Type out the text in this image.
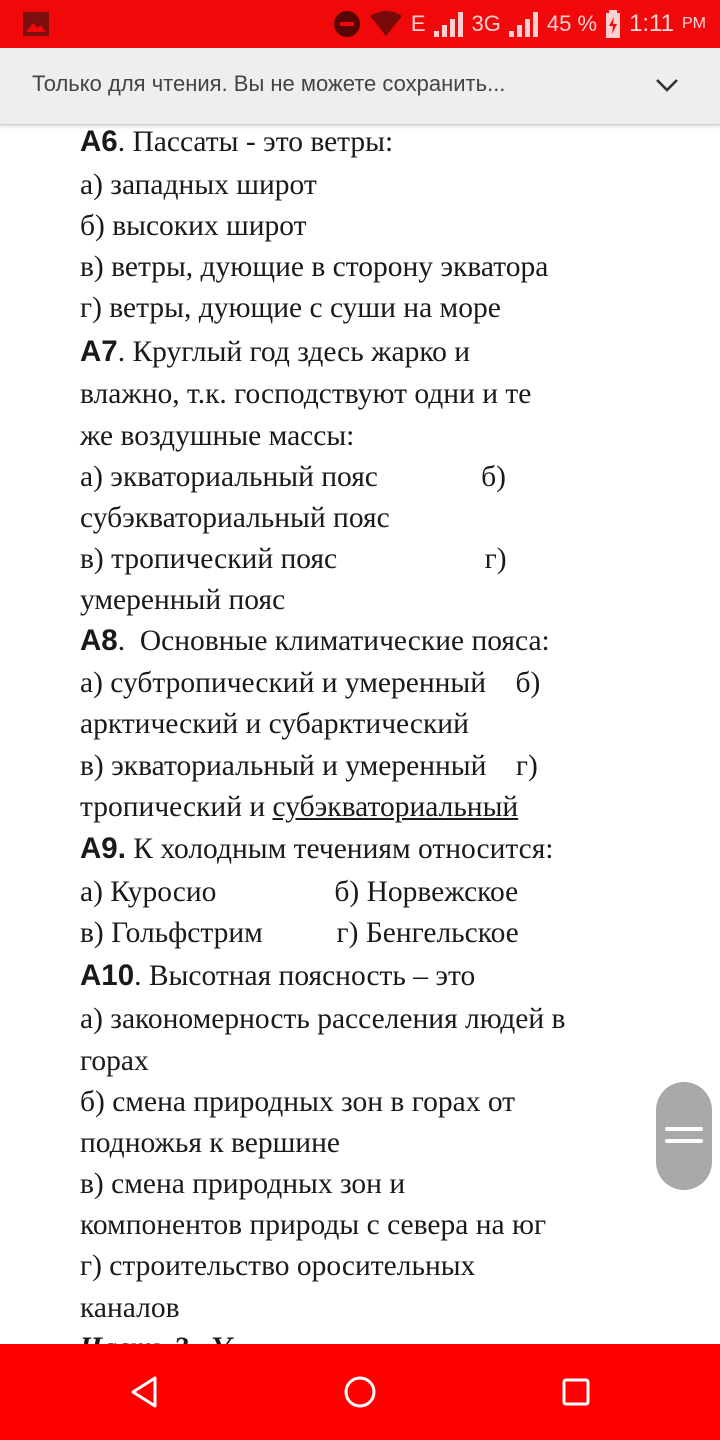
E 3G 45 % 1:11 PM
Только для чтения. Вы не можете сохранить...
А6. Пассаты - это ветры:
а) западных широт
б) высоких широт
в) ветры, дующие в сторону экватора
г) ветры, дующие с суши на море
А7. Круглый год здесь жарко и
влажно, т.к. господствуют одни и те
же воздушные массы:
а) экваториальный пояс              б)
субэкваториальный пояс
в) тропический пояс                    г)
умеренный пояс
А8.  Основные климатические пояса:
а) субтропический и умеренный    б)
арктический и субарктический
в) экваториальный и умеренный    г)
тропический и субэкваториальный
А9. К холодным течениям относится:
а) Куросио                б) Норвежское
в) Гольфстрим          г) Бенгельское
А10. Высотная поясность – это
а) закономерность расселения людей в
горах
б) смена природных зон в горах от
подножья к вершине
в) смена природных зон и
компонентов природы с севера на юг
г) строительство оросительных
каналов
